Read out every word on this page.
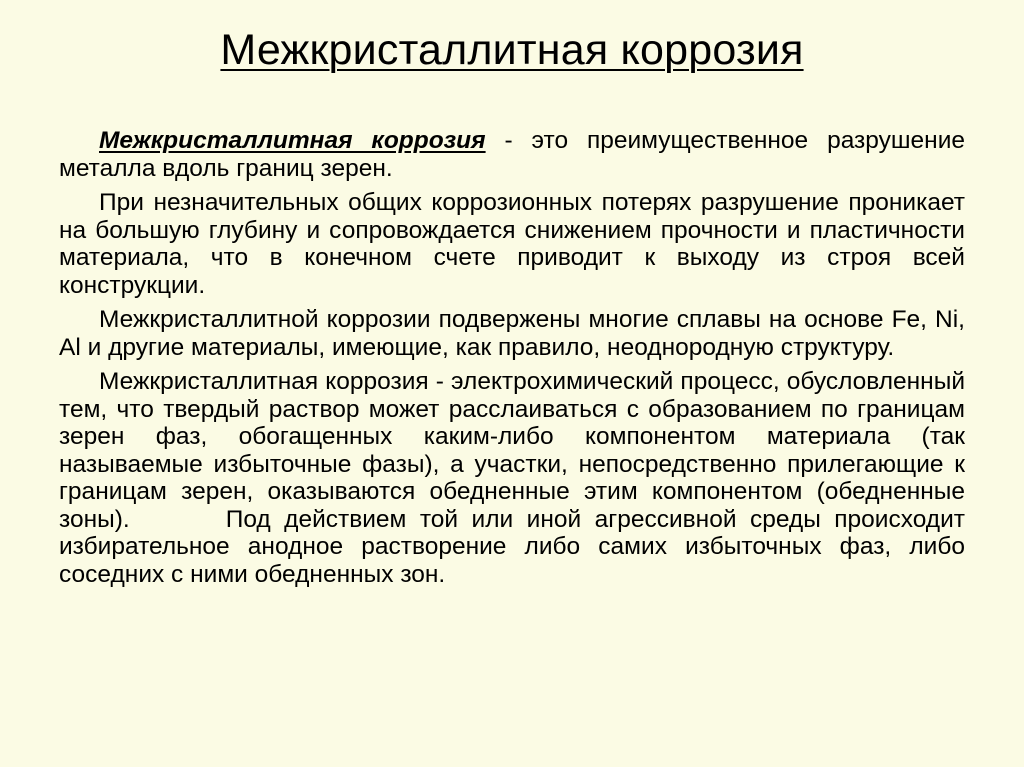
Межкристаллитная коррозия

Межкристаллитная коррозия - это преимущественное разрушение металла вдоль границ зерен.

При незначительных общих коррозионных потерях разрушение проникает на большую глубину и сопровождается снижением прочности и пластичности материала, что в конечном счете приводит к выходу из строя всей конструкции.

Межкристаллитной коррозии подвержены многие сплавы на основе Fe, Ni, Al и другие материалы, имеющие, как правило, неоднородную структуру.

Межкристаллитная коррозия - электрохимический процесс, обусловленный тем, что твердый раствор может расслаиваться с образованием по границам зерен фаз, обогащенных каким-либо компонентом материала (так называемые избыточные фазы), а участки, непосредственно прилегающие к границам зерен, оказываются обедненные этим компонентом (обедненные зоны).	Под действием той или иной агрессивной среды происходит избирательное анодное растворение либо самих избыточных фаз, либо соседних с ними обедненных зон.
